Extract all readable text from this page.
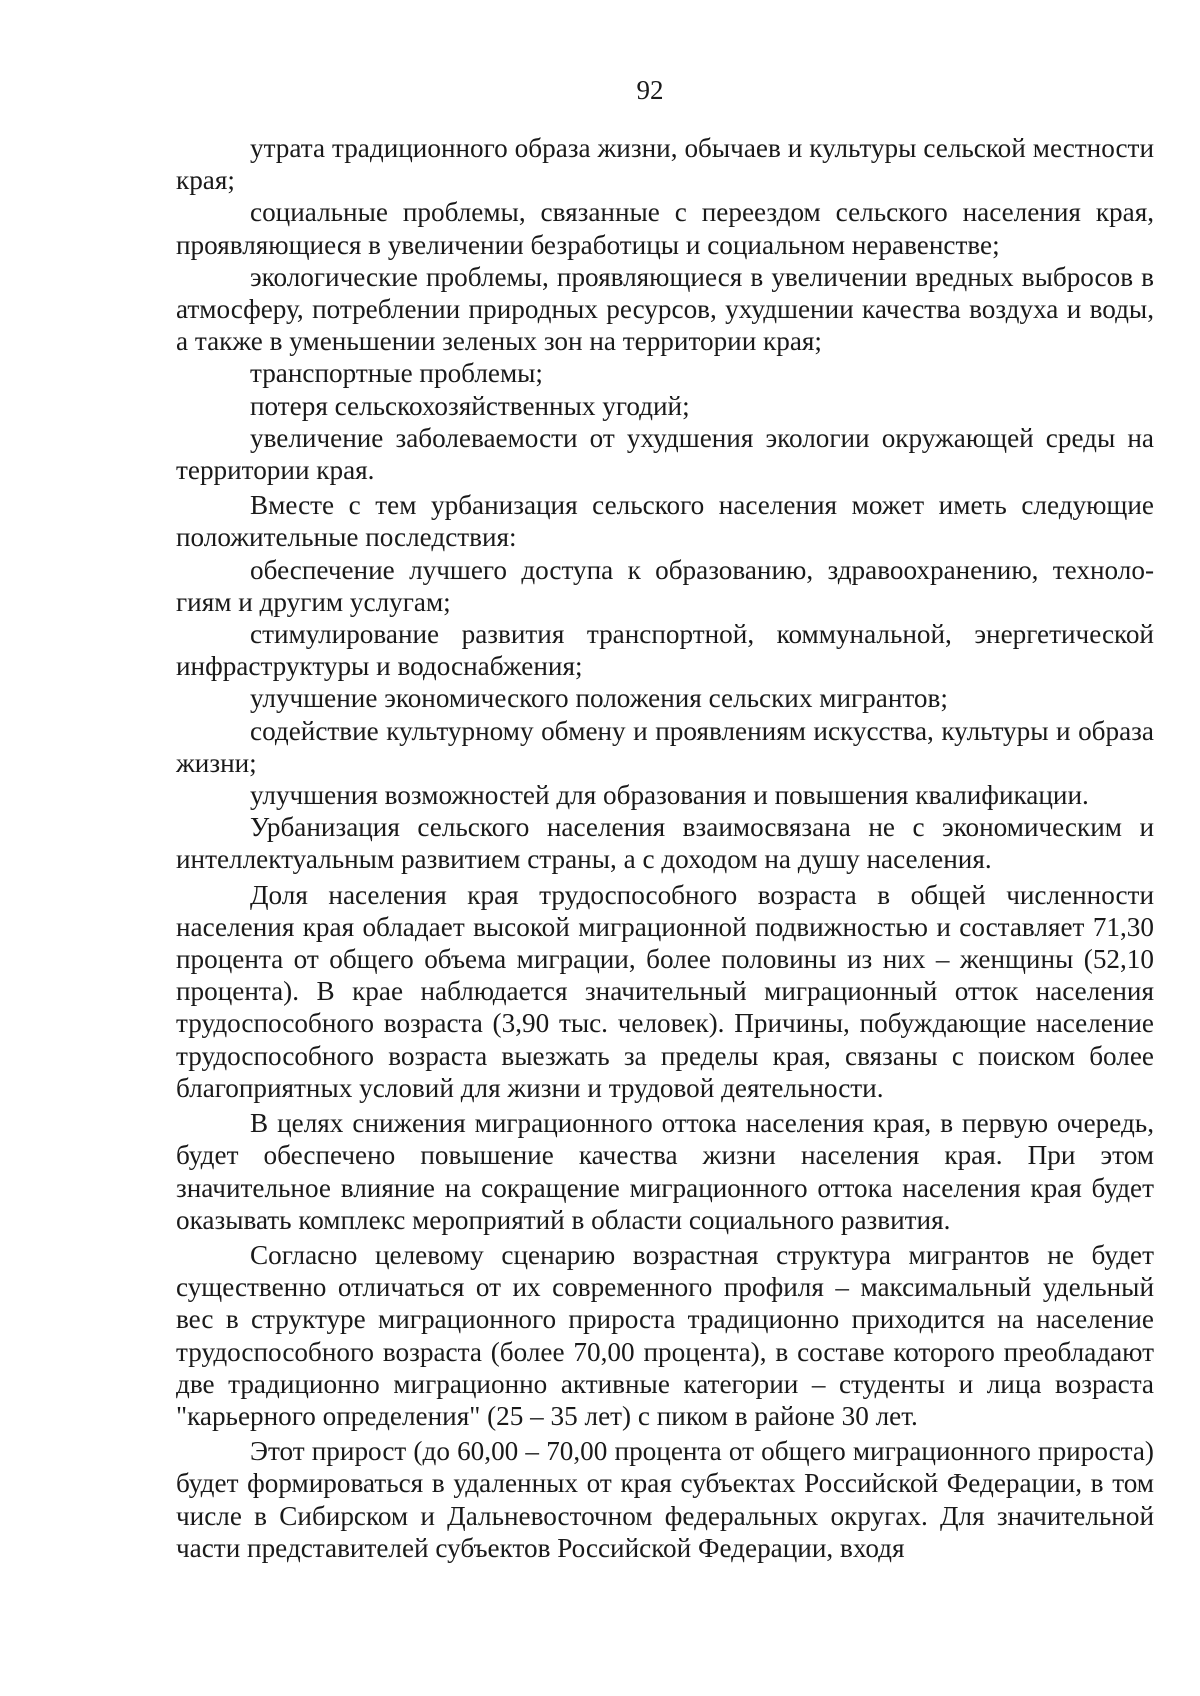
92

утрата традиционного образа жизни, обычаев и культуры сельской местности края;

социальные проблемы, связанные с переездом сельского населения края, проявляющиеся в увеличении безработицы и социальном неравенстве;

экологические проблемы, проявляющиеся в увеличении вредных выбросов в атмосферу, потреблении природных ресурсов, ухудшении качества воздуха и воды, а также в уменьшении зеленых зон на территории края;

транспортные проблемы;

потеря сельскохозяйственных угодий;

увеличение заболеваемости от ухудшения экологии окружающей среды на территории края.

Вместе с тем урбанизация сельского населения может иметь следующие положительные последствия:

обеспечение лучшего доступа к образованию, здравоохранению, технологиям и другим услугам;

стимулирование развития транспортной, коммунальной, энергетической инфраструктуры и водоснабжения;

улучшение экономического положения сельских мигрантов;

содействие культурному обмену и проявлениям искусства, культуры и образа жизни;

улучшения возможностей для образования и повышения квалификации.

Урбанизация сельского населения взаимосвязана не с экономическим и интеллектуальным развитием страны, а с доходом на душу населения.

Доля населения края трудоспособного возраста в общей численности населения края обладает высокой миграционной подвижностью и составляет 71,30 процента от общего объема миграции, более половины из них – женщины (52,10 процента). В крае наблюдается значительный миграционный отток населения трудоспособного возраста (3,90 тыс. человек). Причины, побуждающие население трудоспособного возраста выезжать за пределы края, связаны с поиском более благоприятных условий для жизни и трудовой деятельности.

В целях снижения миграционного оттока населения края, в первую очередь, будет обеспечено повышение качества жизни населения края. При этом значительное влияние на сокращение миграционного оттока населения края будет оказывать комплекс мероприятий в области социального развития.

Согласно целевому сценарию возрастная структура мигрантов не будет существенно отличаться от их современного профиля – максимальный удельный вес в структуре миграционного прироста традиционно приходится на население трудоспособного возраста (более 70,00 процента), в составе которого преобладают две традиционно миграционно активные категории – студенты и лица возраста "карьерного определения" (25 – 35 лет) с пиком в районе 30 лет.

Этот прирост (до 60,00 – 70,00 процента от общего миграционного прироста) будет формироваться в удаленных от края субъектах Российской Федерации, в том числе в Сибирском и Дальневосточном федеральных округах. Для значительной части представителей субъектов Российской Федерации, входя
